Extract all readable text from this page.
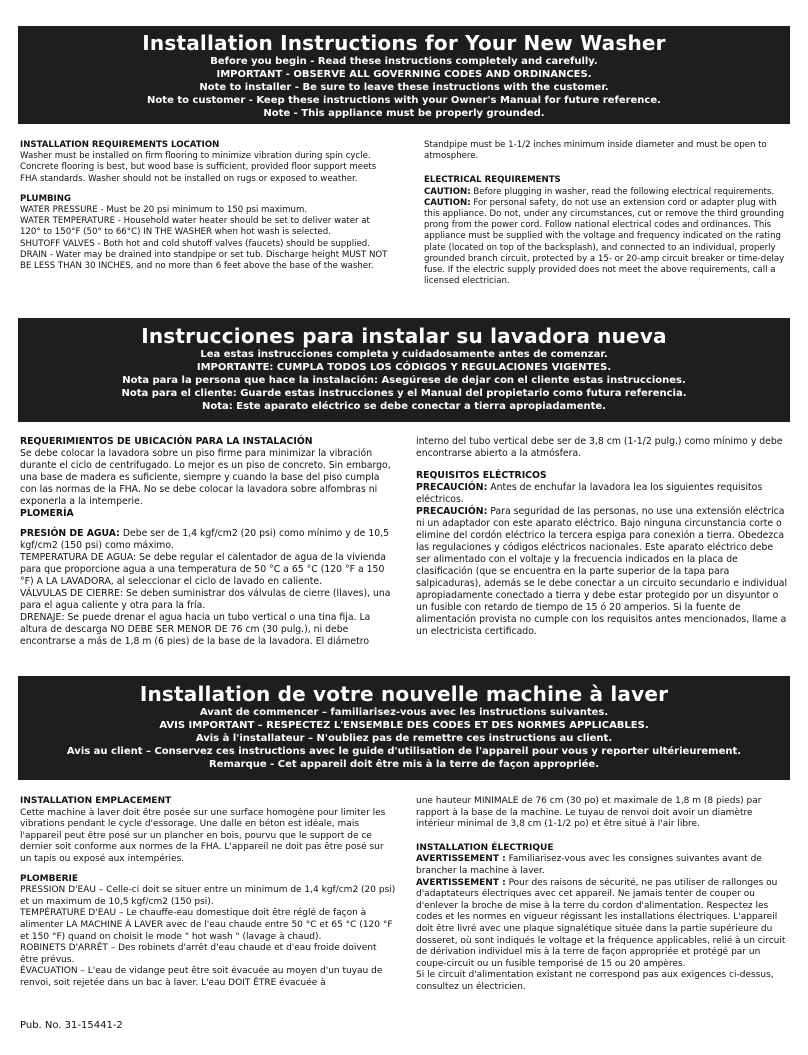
Installation Instructions for Your New Washer
Before you begin - Read these instructions completely and carefully.
IMPORTANT - OBSERVE ALL GOVERNING CODES AND ORDINANCES.
Note to installer - Be sure to leave these instructions with the customer.
Note to customer - Keep these instructions with your Owner's Manual for future reference.
Note - This appliance must be properly grounded.
INSTALLATION REQUIREMENTS LOCATION

Washer must be installed on firm flooring to minimize vibration during spin cycle. Concrete flooring is best, but wood base is sufficient, provided floor support meets FHA standards. Washer should not be installed on rugs or exposed to weather.

PLUMBING

WATER PRESSURE - Must be 20 psi minimum to 150 psi maximum.

WATER TEMPERATURE - Household water heater should be set to deliver water at 120° to 150°F (50° to 66°C) IN THE WASHER when hot wash is selected.

SHUTOFF VALVES - Both hot and cold shutoff valves (faucets) should be supplied.

DRAIN - Water may be drained into standpipe or set tub. Discharge height MUST NOT BE LESS THAN 30 INCHES, and no more than 6 feet above the base of the washer.

Standpipe must be 1-1/2 inches minimum inside diameter and must be open to atmosphere.

ELECTRICAL REQUIREMENTS

CAUTION: Before plugging in washer, read the following electrical requirements.

CAUTION: For personal safety, do not use an extension cord or adapter plug with this appliance. Do not, under any circumstances, cut or remove the third grounding prong from the power cord. Follow national electrical codes and ordinances. This appliance must be supplied with the voltage and frequency indicated on the rating plate (located on top of the backsplash), and connected to an individual, properly grounded branch circuit, protected by a 15- or 20-amp circuit breaker or time-delay fuse. If the electric supply provided does not meet the above requirements, call a licensed electrician.

Instrucciones para instalar su lavadora nueva
Lea estas instrucciones completa y cuidadosamente antes de comenzar.
IMPORTANTE: CUMPLA TODOS LOS CÓDIGOS Y REGULACIONES VIGENTES.
Nota para la persona que hace la instalación: Asegúrese de dejar con el cliente estas instrucciones.
Nota para el cliente: Guarde estas instrucciones y el Manual del propietario como futura referencia.
Nota: Este aparato eléctrico se debe conectar a tierra apropiadamente.
REQUERIMIENTOS DE UBICACIÓN PARA LA INSTALACIÓN

Se debe colocar la lavadora sobre un piso firme para minimizar la vibración durante el ciclo de centrifugado. Lo mejor es un piso de concreto. Sin embargo, una base de madera es suficiente, siempre y cuando la base del piso cumpla con las normas de la FHA. No se debe colocar la lavadora sobre alfombras ni exponerla a la intemperie.

PLOMERÍA

PRESIÓN DE AGUA: Debe ser de 1,4 kgf/cm2 (20 psi) como mínimo y de 10,5 kgf/cm2 (150 psi) como máximo.

TEMPERATURA DE AGUA: Se debe regular el calentador de agua de la vivienda para que proporcione agua a una temperatura de 50 °C a 65 °C (120 °F a 150 °F) A LA LAVADORA, al seleccionar el ciclo de lavado en caliente.

VÁLVULAS DE CIERRE: Se deben suministrar dos válvulas de cierre (llaves), una para el agua caliente y otra para la fría.

DRENAJE: Se puede drenar el agua hacia un tubo vertical o una tina fija. La altura de descarga NO DEBE SER MENOR DE 76 cm (30 pulg.), ni debe encontrarse a más de 1,8 m (6 pies) de la base de la lavadora. El diámetro

interno del tubo vertical debe ser de 3,8 cm (1-1/2 pulg.) como mínimo y debe encontrarse abierto a la atmósfera.

REQUISITOS ELÉCTRICOS

PRECAUCIÓN: Antes de enchufar la lavadora lea los siguientes requisitos eléctricos.

PRECAUCIÓN: Para seguridad de las personas, no use una extensión eléctrica ni un adaptador con este aparato eléctrico. Bajo ninguna circunstancia corte o elimine del cordón eléctrico la tercera espiga para conexión a tierra. Obedezca las regulaciones y códigos eléctricos nacionales. Este aparato eléctrico debe ser alimentado con el voltaje y la frecuencia indicados en la placa de clasificación (que se encuentra en la parte superior de la tapa para salpicaduras), además se le debe conectar a un circuito secundario e individual apropiadamente conectado a tierra y debe estar protegido por un disyuntor o un fusible con retardo de tiempo de 15 ó 20 amperios. Si la fuente de alimentación provista no cumple con los requisitos antes mencionados, llame a un electricista certificado.

Installation de votre nouvelle machine à laver
Avant de commencer – familiarisez-vous avec les instructions suivantes.
AVIS IMPORTANT – RESPECTEZ L'ENSEMBLE DES CODES ET DES NORMES APPLICABLES.
Avis à l'installateur – N'oubliez pas de remettre ces instructions au client.
Avis au client – Conservez ces instructions avec le guide d'utilisation de l'appareil pour vous y reporter ultérieurement.
Remarque - Cet appareil doit être mis à la terre de façon appropriée.
INSTALLATION EMPLACEMENT

Cette machine à laver doit être posée sur une surface homogène pour limiter les vibrations pendant le cycle d'essorage. Une dalle en béton est idéale, mais l'appareil peut être posé sur un plancher en bois, pourvu que le support de ce dernier soit conforme aux normes de la FHA. L'appareil ne doit pas être posé sur un tapis ou exposé aux intempéries.

PLOMBERIE

PRESSION D'EAU – Celle-ci doit se situer entre un minimum de 1,4 kgf/cm2 (20 psi) et un maximum de 10,5 kgf/cm2 (150 psi).

TEMPÉRATURE D'EAU – Le chauffe-eau domestique doit être réglé de façon à alimenter LA MACHINE À LAVER avec de l'eau chaude entre 50 °C et 65 °C (120 °F et 150 °F) quand on choisit le mode " hot wash " (lavage à chaud).

ROBINETS D'ARRÊT – Des robinets d'arrêt d'eau chaude et d'eau froide doivent être prévus.

ÉVACUATION – L'eau de vidange peut être soit évacuée au moyen d'un tuyau de renvoi, soit rejetée dans un bac à laver. L'eau DOIT ÊTRE évacuée à

une hauteur MINIMALE de 76 cm (30 po) et maximale de 1,8 m (8 pieds) par rapport à la base de la machine. Le tuyau de renvoi doit avoir un diamètre intérieur minimal de 3,8 cm (1-1/2 po) et être situé à l'air libre.

INSTALLATION ÉLECTRIQUE

AVERTISSEMENT : Familiarisez-vous avec les consignes suivantes avant de brancher la machine à laver.

AVERTISSEMENT : Pour des raisons de sécurité, ne pas utiliser de rallonges ou d'adaptateurs électriques avec cet appareil. Ne jamais tenter de couper ou d'enlever la broche de mise à la terre du cordon d'alimentation. Respectez les codes et les normes en vigueur régissant les installations électriques. L'appareil doit être livré avec une plaque signalétique située dans la partie supérieure du dosseret, où sont indiqués le voltage et la fréquence applicables, relié à un circuit de dérivation individuel mis à la terre de façon appropriée et protégé par un coupe-circuit ou un fusible temporisé de 15 ou 20 ampères.

Si le circuit d'alimentation existant ne correspond pas aux exigences ci-dessus, consultez un électricien.

Pub. No. 31-15441-2
